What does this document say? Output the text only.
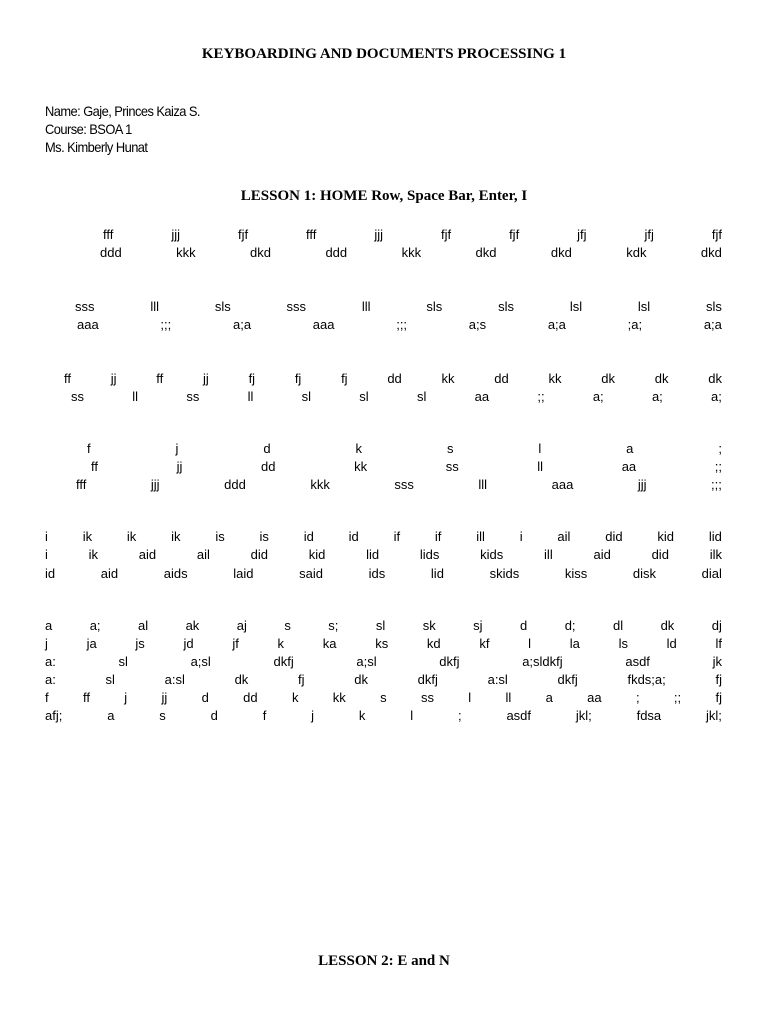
KEYBOARDING AND DOCUMENTS PROCESSING 1
Name: Gaje, Princes Kaiza S.
Course: BSOA 1
Ms. Kimberly Hunat
LESSON 1: HOME Row, Space Bar, Enter, I
fff	jjj	fjf	fff	jjj	fjf	fjf	jfj	jfj	fjf
ddd	kkk	dkd	ddd	kkk	dkd	dkd	kdk	dkd
sss	lll	sls	sss	lll	sls	sls	lsl	lsl	sls
aaa	;;;	a;a	aaa	;;;	a;s	a;a	;a;	a;a
ff	jj	ff	jj	fj	fj	fj	dd	kk	dd	kk	dk	dk	dk
ss	ll	ss	ll	sl	sl	sl	aa	;;	a;	a;	a;
f	j	d	k	s	l	a	;
ff	jj	dd	kk	ss	ll	aa	;;
fff	jjj	ddd	kkk	sss	lll	aaa	jjj	;;;
i	ik	ik	ik	is	is	id	id	if	if	ill	i	ail	did	kid	lid
i	ik	aid	ail	did	kid	lid	lids	kids	ill	aid	did	ilk
id	aid	aids	laid	said	ids	lid	skids	kiss	disk	dial
a	a;	al	ak	aj	s	s;	sl	sk	sj	d	d;	dl	dk	dj
j	ja	js	jd	jf	k	ka	ks	kd	kf	l	la	ls	ld	lf
a:	sl	a;sl	dkfj	a;sl	dkfj	a;sldkfj	asdf	jk
a:	sl	a:sl	dk	fj	dk	dkfj	a:sl	dkfj	fkds;a;	fj
f	ff	j	jj	d	dd	k	kk	s	ss	l	ll	a	aa	;	;;	fj
afj;	a	s	d	f	j	k	l	;	asdf	jkl;	fdsa	jkl;
LESSON 2: E and N
